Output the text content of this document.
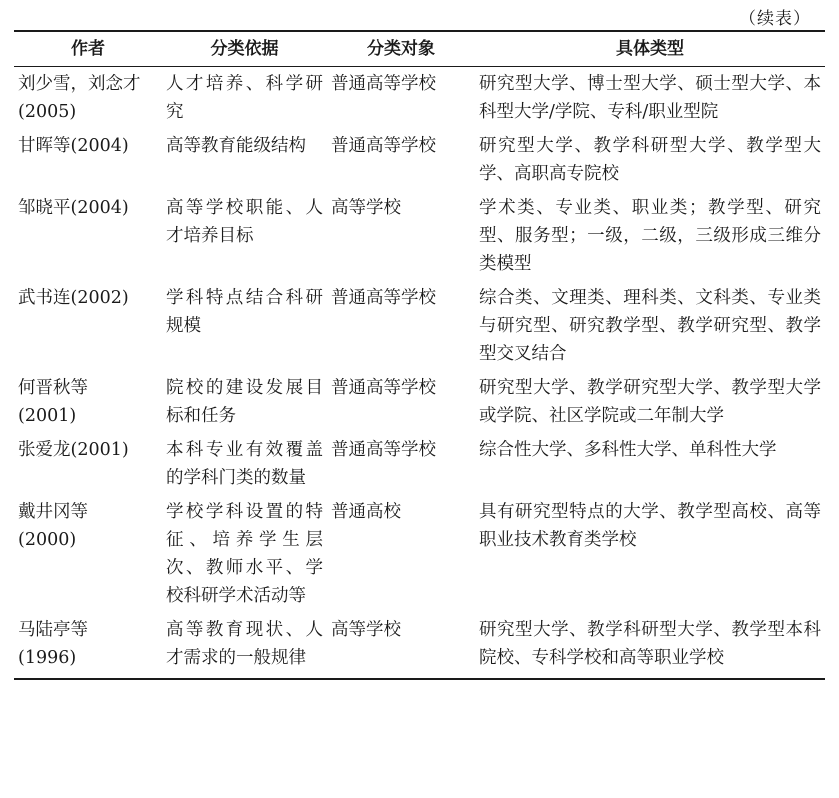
（续表）
作者	分类依据	分类对象	具体类型

刘少雪，刘念才
(2005)	人才培养、科学研究	普通高等学校	研究型大学、博士型大学、硕士型大学、本科型大学/学院、专科/职业型院

甘晖等(2004)	高等教育能级结构	普通高等学校	研究型大学、教学科研型大学、教学型大学、高职高专院校

邹晓平(2004)	高等学校职能、人才培养目标	高等学校	学术类、专业类、职业类；教学型、研究型、服务型；一级，二级，三级形成三维分类模型

武书连(2002)	学科特点结合科研规模	普通高等学校	综合类、文理类、理科类、文科类、专业类与研究型、研究教学型、教学研究型、教学型交叉结合

何晋秋等
(2001)	院校的建设发展目标和任务	普通高等学校	研究型大学、教学研究型大学、教学型大学或学院、社区学院或二年制大学

张爱龙(2001)	本科专业有效覆盖的学科门类的数量	普通高等学校	综合性大学、多科性大学、单科性大学

戴井冈等
(2000)	学校学科设置的特征、培养学生层次、教师水平、学校科研学术活动等	普通高校	具有研究型特点的大学、教学型高校、高等职业技术教育类学校

马陆亭等
(1996)	高等教育现状、人才需求的一般规律	高等学校	研究型大学、教学科研型大学、教学型本科院校、专科学校和高等职业学校
